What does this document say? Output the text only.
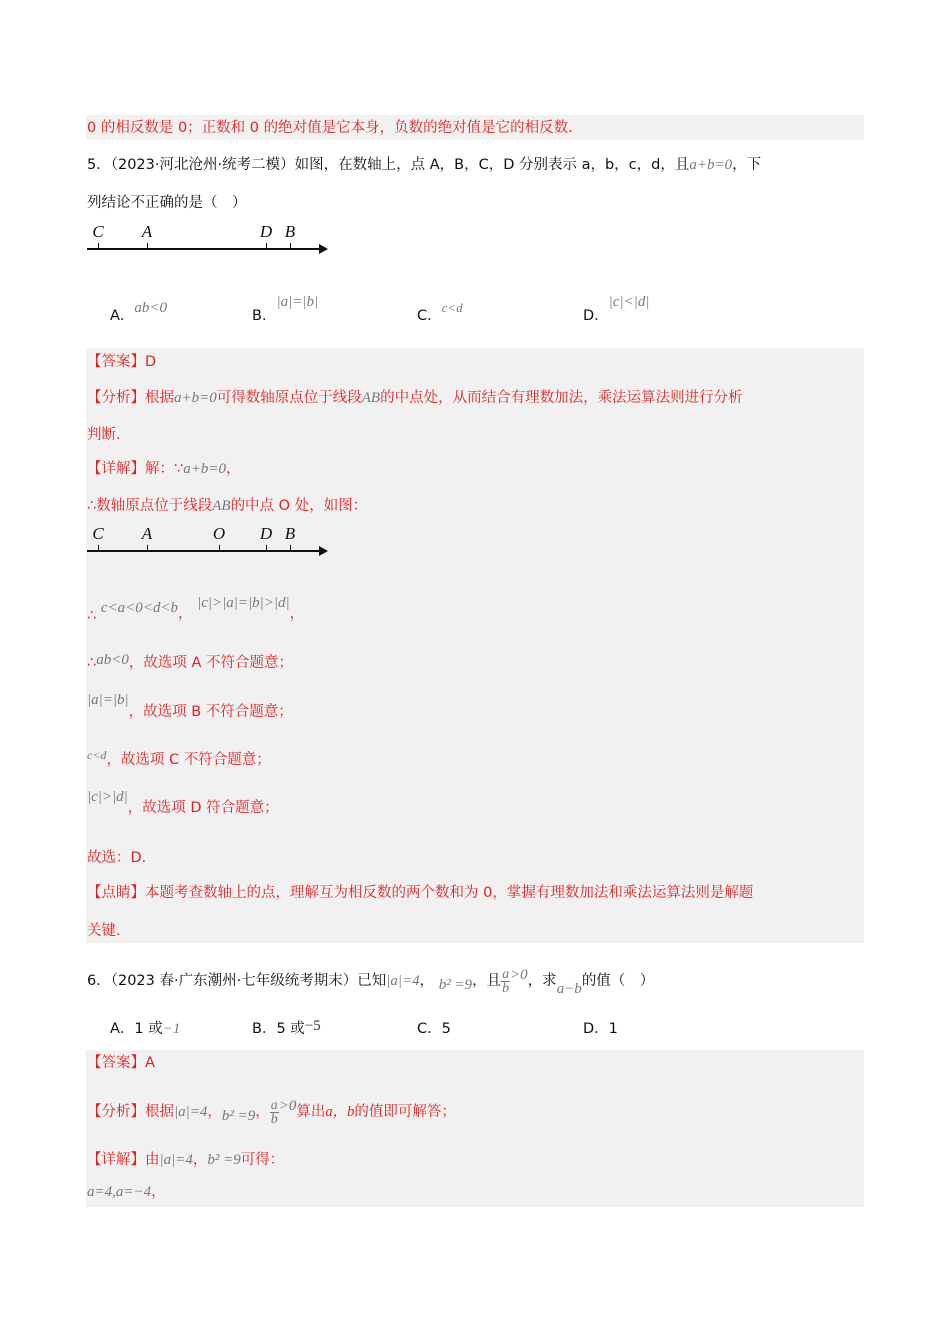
0 的相反数是 0；正数和 0 的绝对值是它本身，负数的绝对值是它的相反数.
5．（2023·河北沧州·统考二模）如图，在数轴上，点 A，B，C，D 分别表示 a，b，c，d，且a+b=0，下
列结论不正确的是（　）
C A	D B
A．ab<0	B．|a|=|b|
C．c<d
D．|c|<|d|
【答案】D
【分析】根据a+b=0可得数轴原点位于线段AB的中点处，从而结合有理数加法，乘法运算法则进行分析
判断.
【详解】解：∵a+b=0，
∴数轴原点位于线段AB的中点 O 处，如图：
C A	O D B
∴ c<a<0<d<b， |c|>|a|=|b|>|d|，
∴ab<0，故选项 A 不符合题意；
|a|=|b|，故选项 B 不符合题意；
$^{c<d}$，故选项 C 不符合题意；
|c|>|d|，故选项 D 符合题意；
故选：D．
【点睛】本题考查数轴上的点，理解互为相反数的两个数和为 0，掌握有理数加法和乘法运算法则是解题
关键.
6．（2023 春·广东潮州·七年级统考期末）已知|a|=4， b² =9，且 $\frac{a}{b} >0$，求a−b的值（　）
A．1 或−1	B．5 或−5	C．5	D．1
【答案】A
【分析】根据|a|=4，b² =9， $\frac{a}{b} >0$算出a，b的值即可解答；
【详解】由|a|=4，b² =9可得：
a=4,a=−4，
